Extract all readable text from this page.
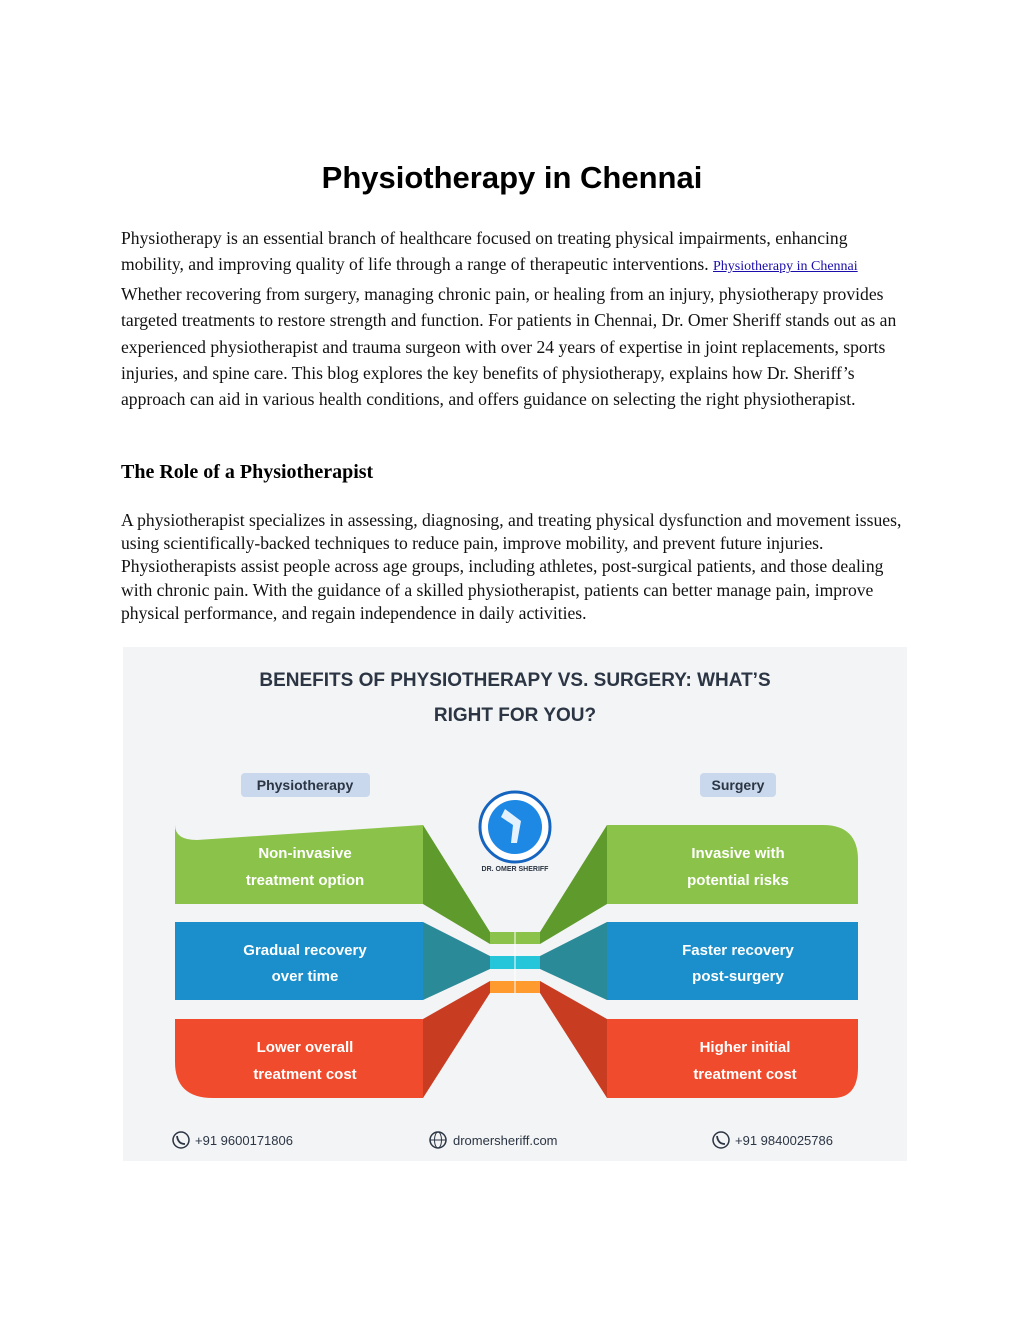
Physiotherapy in Chennai

Physiotherapy is an essential branch of healthcare focused on treating physical impairments, enhancing mobility, and improving quality of life through a range of therapeutic interventions. Physiotherapy in Chennai Whether recovering from surgery, managing chronic pain, or healing from an injury, physiotherapy provides targeted treatments to restore strength and function. For patients in Chennai, Dr. Omer Sheriff stands out as an experienced physiotherapist and trauma surgeon with over 24 years of expertise in joint replacements, sports injuries, and spine care. This blog explores the key benefits of physiotherapy, explains how Dr. Sheriff’s approach can aid in various health conditions, and offers guidance on selecting the right physiotherapist.

The Role of a Physiotherapist

A physiotherapist specializes in assessing, diagnosing, and treating physical dysfunction and movement issues, using scientifically-backed techniques to reduce pain, improve mobility, and prevent future injuries. Physiotherapists assist people across age groups, including athletes, post-surgical patients, and those dealing with chronic pain. With the guidance of a skilled physiotherapist, patients can better manage pain, improve physical performance, and regain independence in daily activities.

BENEFITS OF PHYSIOTHERAPY VS. SURGERY: WHAT’S
RIGHT FOR YOU?
Physiotherapy	Surgery
DR. OMER SHERIFF
Non-invasive
treatment option
Invasive with
potential risks
Gradual recovery
over time
Faster recovery
post-surgery
Lower overall
treatment cost
Higher initial
treatment cost
+91 9600171806	dromersheriff.com	+91 9840025786
